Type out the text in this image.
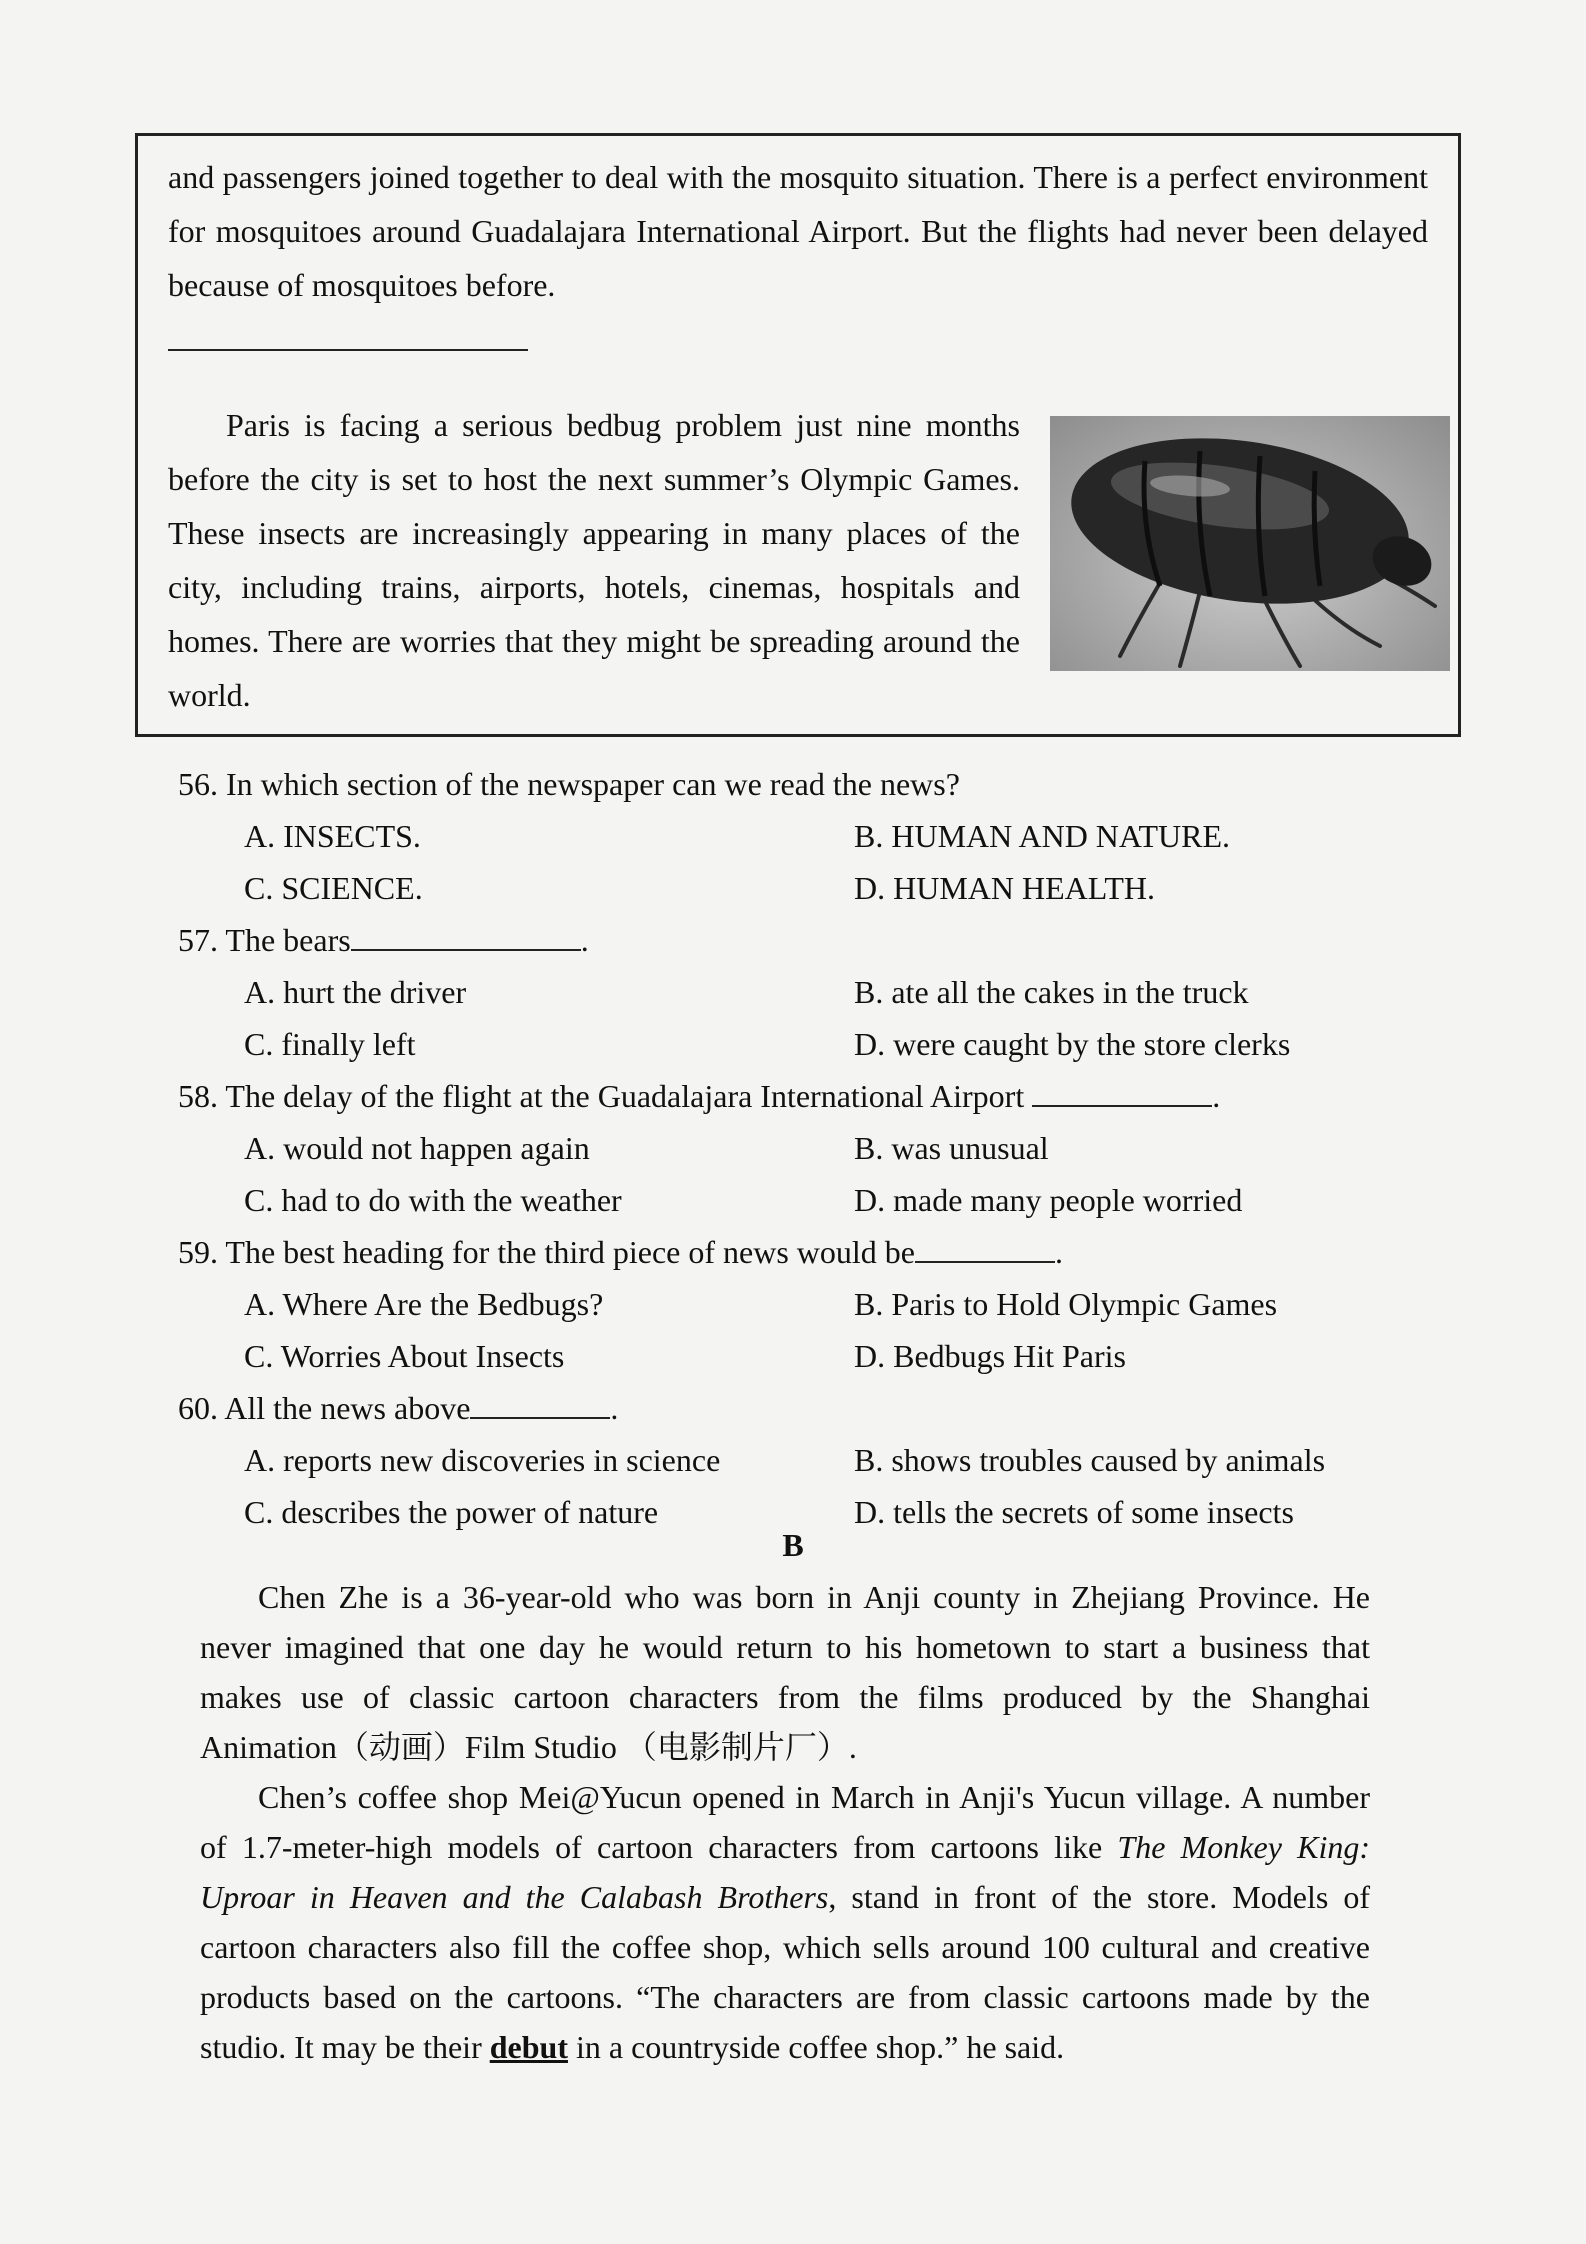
and passengers joined together to deal with the mosquito situation. There is a perfect environment for mosquitoes around Guadalajara International Airport. But the flights had never been delayed because of mosquitoes before.

Paris is facing a serious bedbug problem just nine months before the city is set to host the next summer’s Olympic Games. These insects are increasingly appearing in many places of the city, including trains, airports, hotels, cinemas, hospitals and homes. There are worries that they might be spreading around the world.

56. In which section of the newspaper can we read the news?
A. INSECTS.	B. HUMAN AND NATURE.
C. SCIENCE.	D. HUMAN HEALTH.
57. The bears	.
A. hurt the driver	B. ate all the cakes in the truck
C. finally left	D. were caught by the store clerks
58. The delay of the flight at the Guadalajara International Airport	.
A. would not happen again	B. was unusual
C. had to do with the weather	D. made many people worried
59. The best heading for the third piece of news would be	.
A. Where Are the Bedbugs?	B. Paris to Hold Olympic Games
C. Worries About Insects	D. Bedbugs Hit Paris
60. All the news above	.
A. reports new discoveries in science	B. shows troubles caused by animals
C. describes the power of nature	D. tells the secrets of some insects
B

Chen Zhe is a 36-year-old who was born in Anji county in Zhejiang Province. He never imagined that one day he would return to his hometown to start a business that makes use of classic cartoon characters from the films produced by the Shanghai Animation（动画）Film Studio （电影制片厂）.

Chen’s coffee shop Mei@Yucun opened in March in Anji's Yucun village. A number of 1.7-meter-high models of cartoon characters from cartoons like The Monkey King: Uproar in Heaven and the Calabash Brothers, stand in front of the store. Models of cartoon characters also fill the coffee shop, which sells around 100 cultural and creative products based on the cartoons. “The characters are from classic cartoons made by the studio. It may be their debut in a countryside coffee shop.” he said.
